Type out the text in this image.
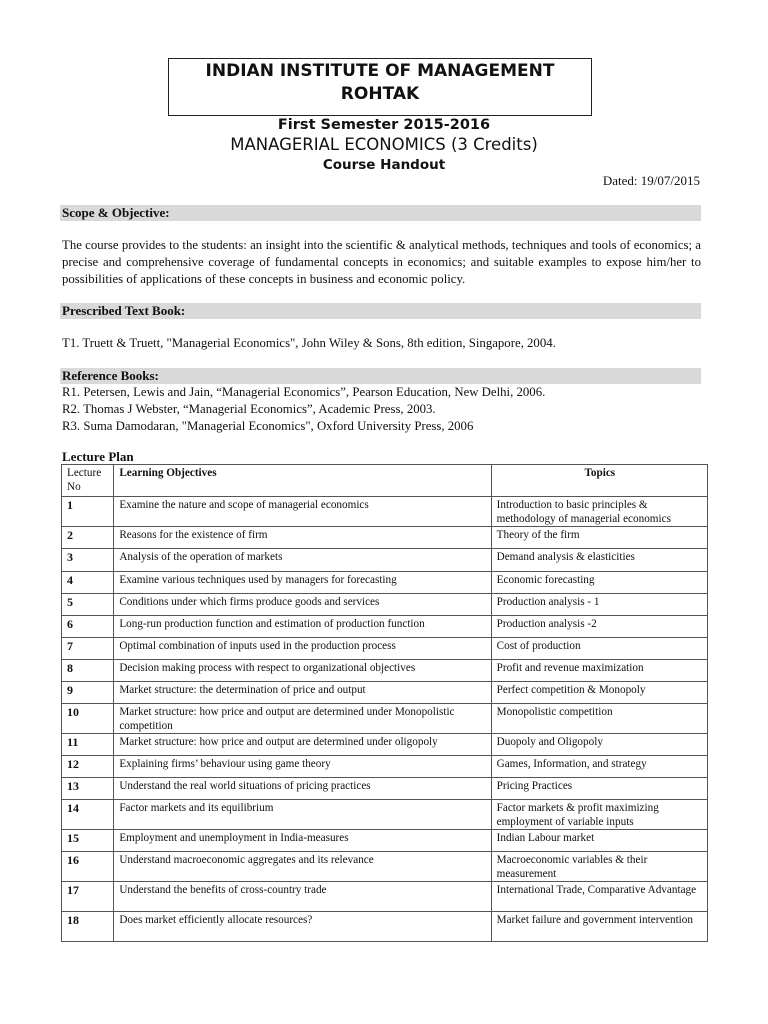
INDIAN INSTITUTE OF MANAGEMENT
ROHTAK
First Semester 2015-2016
MANAGERIAL ECONOMICS (3 Credits)
Course Handout
Dated: 19/07/2015
Scope & Objective:
The course provides to the students: an insight into the scientific & analytical methods, techniques and tools of economics; a precise and comprehensive coverage of fundamental concepts in economics; and suitable examples to expose him/her to possibilities of applications of these concepts in business and economic policy.
Prescribed Text Book:
T1. Truett & Truett, "Managerial Economics", John Wiley & Sons, 8th edition, Singapore, 2004.
Reference Books:
R1. Petersen, Lewis and Jain, “Managerial Economics”, Pearson Education, New Delhi, 2006.
R2. Thomas J Webster, “Managerial Economics”, Academic Press, 2003.
R3. Suma Damodaran, "Managerial Economics", Oxford University Press, 2006
Lecture Plan
Lecture No	Learning Objectives	Topics
1	Examine the nature and scope of managerial economics	Introduction to basic principles & methodology of managerial economics
2	Reasons for the existence of firm	Theory of the firm
3	Analysis of the operation of markets	Demand analysis & elasticities
4	Examine various techniques used by managers for forecasting	Economic forecasting
5	Conditions under which firms produce goods and services	Production analysis - 1
6	Long-run production function and estimation of production function	Production analysis -2
7	Optimal combination of inputs used in the production process	Cost of production
8	Decision making process with respect to organizational objectives	Profit and revenue maximization
9	Market structure: the determination of price and output	Perfect competition & Monopoly
10	Market structure: how price and output are determined under Monopolistic competition	Monopolistic competition
11	Market structure: how price and output are determined under oligopoly	Duopoly and Oligopoly
12	Explaining firms’ behaviour using game theory	Games, Information, and strategy
13	Understand the real world situations of pricing practices	Pricing Practices
14	Factor markets and its equilibrium	Factor markets & profit maximizing employment of variable inputs
15	Employment and unemployment in India-measures	Indian Labour market
16	Understand macroeconomic aggregates and its relevance	Macroeconomic variables & their measurement
17	Understand the benefits of cross-country trade	International Trade, Comparative Advantage
18	Does market efficiently allocate resources?	Market failure and government intervention
